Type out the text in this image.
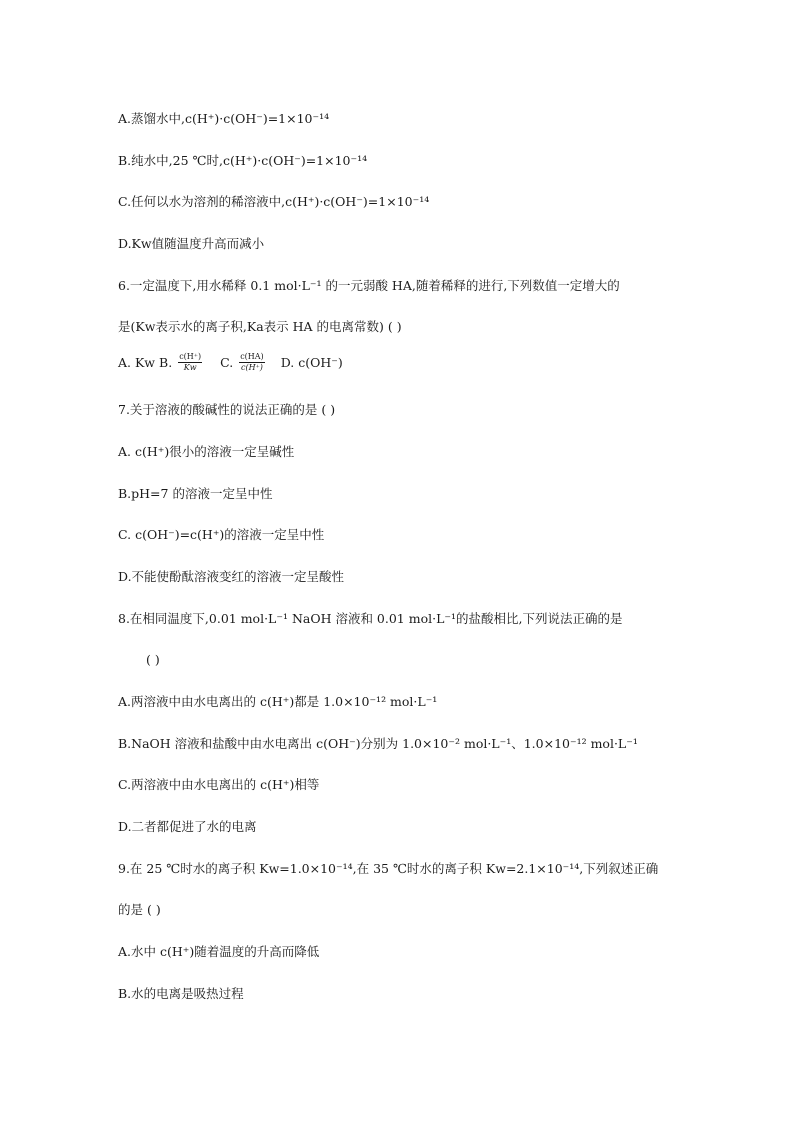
A.蒸馏水中,c(H⁺)·c(OH⁻)=1×10⁻¹⁴
B.纯水中,25 ℃时,c(H⁺)·c(OH⁻)=1×10⁻¹⁴
C.任何以水为溶剂的稀溶液中,c(H⁺)·c(OH⁻)=1×10⁻¹⁴
D.Kw值随温度升高而减小
6.一定温度下,用水稀释 0.1 mol·L⁻¹ 的一元弱酸 HA,随着稀释的进行,下列数值一定增大的
是(Kw表示水的离子积,Ka表示 HA 的电离常数) ( )
A. Kw B. $\frac{c(H^+)}{Kw} C$. $\frac{c(HA)}{c(H^+)} D$. c(OH⁻)
7.关于溶液的酸碱性的说法正确的是 ( )
A. c(H⁺)很小的溶液一定呈碱性
B.pH=7 的溶液一定呈中性
C. c(OH⁻)=c(H⁺)的溶液一定呈中性
D.不能使酚酞溶液变红的溶液一定呈酸性
8.在相同温度下,0.01 mol·L⁻¹ NaOH 溶液和 0.01 mol·L⁻¹的盐酸相比,下列说法正确的是
( )
A.两溶液中由水电离出的 c(H⁺)都是 1.0×10⁻¹² mol·L⁻¹
B.NaOH 溶液和盐酸中由水电离出 c(OH⁻)分别为 1.0×10⁻² mol·L⁻¹、1.0×10⁻¹² mol·L⁻¹
C.两溶液中由水电离出的 c(H⁺)相等
D.二者都促进了水的电离
9.在 25 ℃时水的离子积 Kw=1.0×10⁻¹⁴,在 35 ℃时水的离子积 Kw=2.1×10⁻¹⁴,下列叙述正确
的是 ( )
A.水中 c(H⁺)随着温度的升高而降低
B.水的电离是吸热过程
